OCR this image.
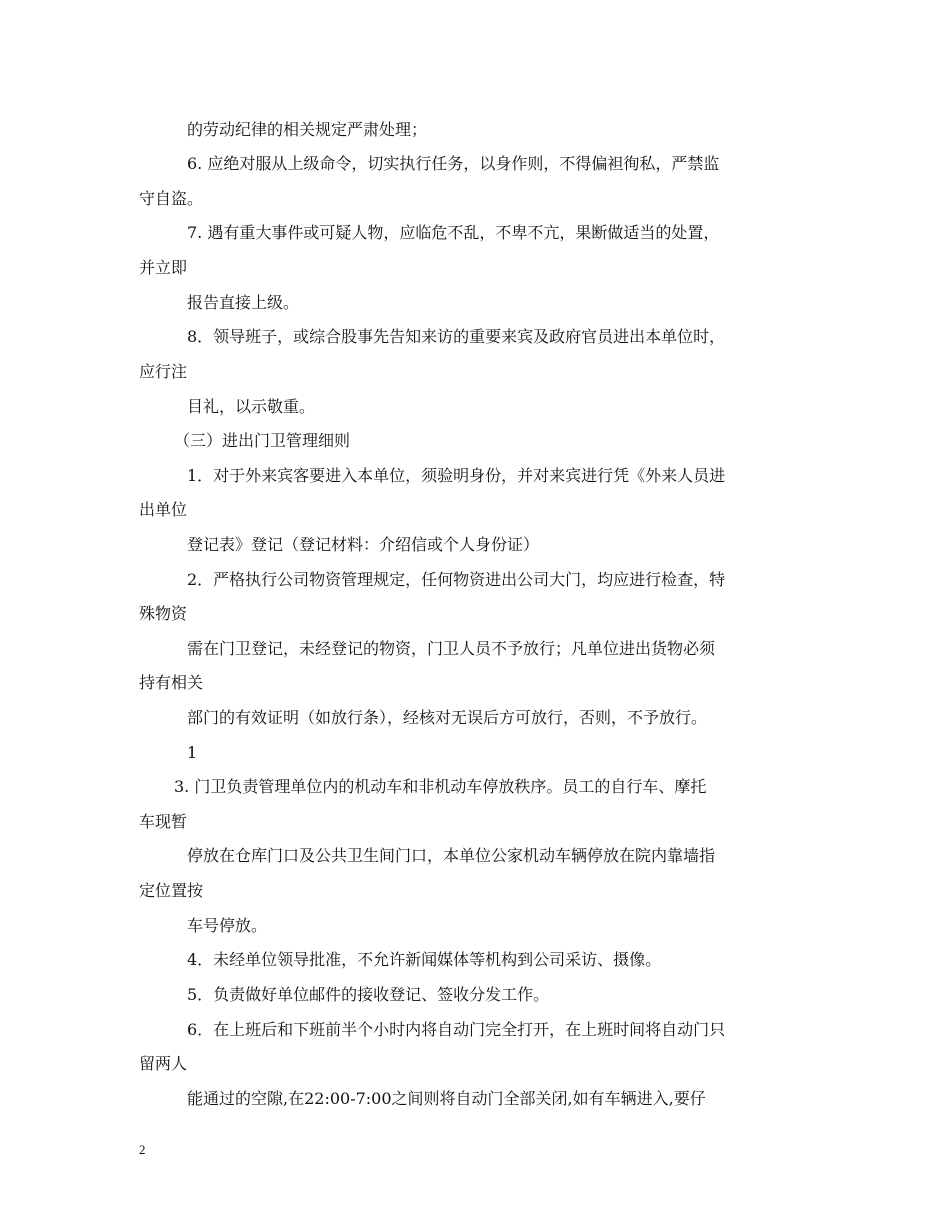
的劳动纪律的相关规定严肃处理；

6. 应绝对服从上级命令，切实执行任务，以身作则，不得偏袒徇私，严禁监

守自盗。

7. 遇有重大事件或可疑人物，应临危不乱，不卑不亢，果断做适当的处置，

并立即

报告直接上级。

8．领导班子，或综合股事先告知来访的重要来宾及政府官员进出本单位时，

应行注

目礼，以示敬重。

（三）进出门卫管理细则

1．对于外来宾客要进入本单位，须验明身份，并对来宾进行凭《外来人员进

出单位

登记表》登记（登记材料：介绍信或个人身份证）

2．严格执行公司物资管理规定，任何物资进出公司大门，均应进行检查，特

殊物资

需在门卫登记，未经登记的物资，门卫人员不予放行；凡单位进出货物必须

持有相关

部门的有效证明（如放行条），经核对无误后方可放行，否则，不予放行。

1

3. 门卫负责管理单位内的机动车和非机动车停放秩序。员工的自行车、摩托

车现暂

停放在仓库门口及公共卫生间门口，本单位公家机动车辆停放在院内靠墙指

定位置按

车号停放。

4．未经单位领导批准，不允许新闻媒体等机构到公司采访、摄像。

5．负责做好单位邮件的接收登记、签收分发工作。

6．在上班后和下班前半个小时内将自动门完全打开，在上班时间将自动门只

留两人

能通过的空隙,在22:00-7:00之间则将自动门全部关闭,如有车辆进入,要仔

2
